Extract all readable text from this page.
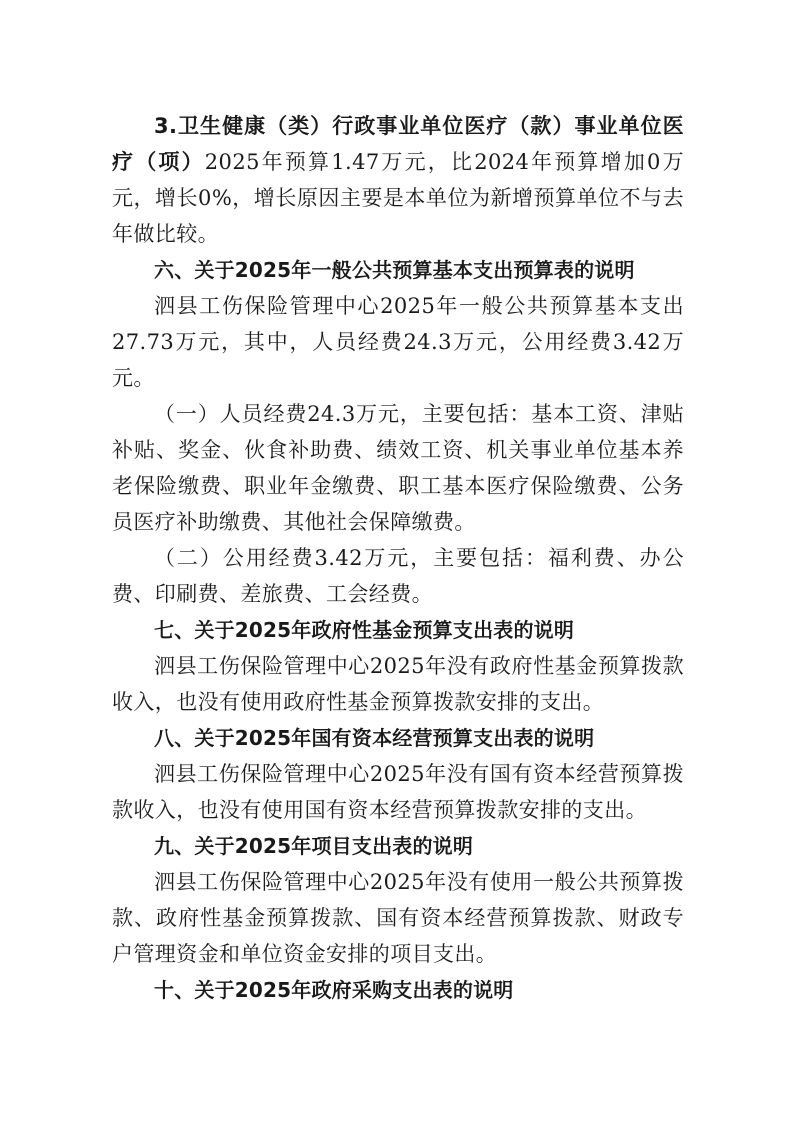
3.卫生健康（类）行政事业单位医疗（款）事业单位医疗（项）2025年预算1.47万元，比2024年预算增加0万元，增长0%，增长原因主要是本单位为新增预算单位不与去年做比较。

六、关于2025年一般公共预算基本支出预算表的说明

泗县工伤保险管理中心2025年一般公共预算基本支出27.73万元，其中，人员经费24.3万元，公用经费3.42万元。

（一）人员经费24.3万元，主要包括：基本工资、津贴补贴、奖金、伙食补助费、绩效工资、机关事业单位基本养老保险缴费、职业年金缴费、职工基本医疗保险缴费、公务员医疗补助缴费、其他社会保障缴费。

（二）公用经费3.42万元，主要包括：福利费、办公费、印刷费、差旅费、工会经费。

七、关于2025年政府性基金预算支出表的说明

泗县工伤保险管理中心2025年没有政府性基金预算拨款收入，也没有使用政府性基金预算拨款安排的支出。

八、关于2025年国有资本经营预算支出表的说明

泗县工伤保险管理中心2025年没有国有资本经营预算拨款收入，也没有使用国有资本经营预算拨款安排的支出。

九、关于2025年项目支出表的说明

泗县工伤保险管理中心2025年没有使用一般公共预算拨款、政府性基金预算拨款、国有资本经营预算拨款、财政专户管理资金和单位资金安排的项目支出。

十、关于2025年政府采购支出表的说明
